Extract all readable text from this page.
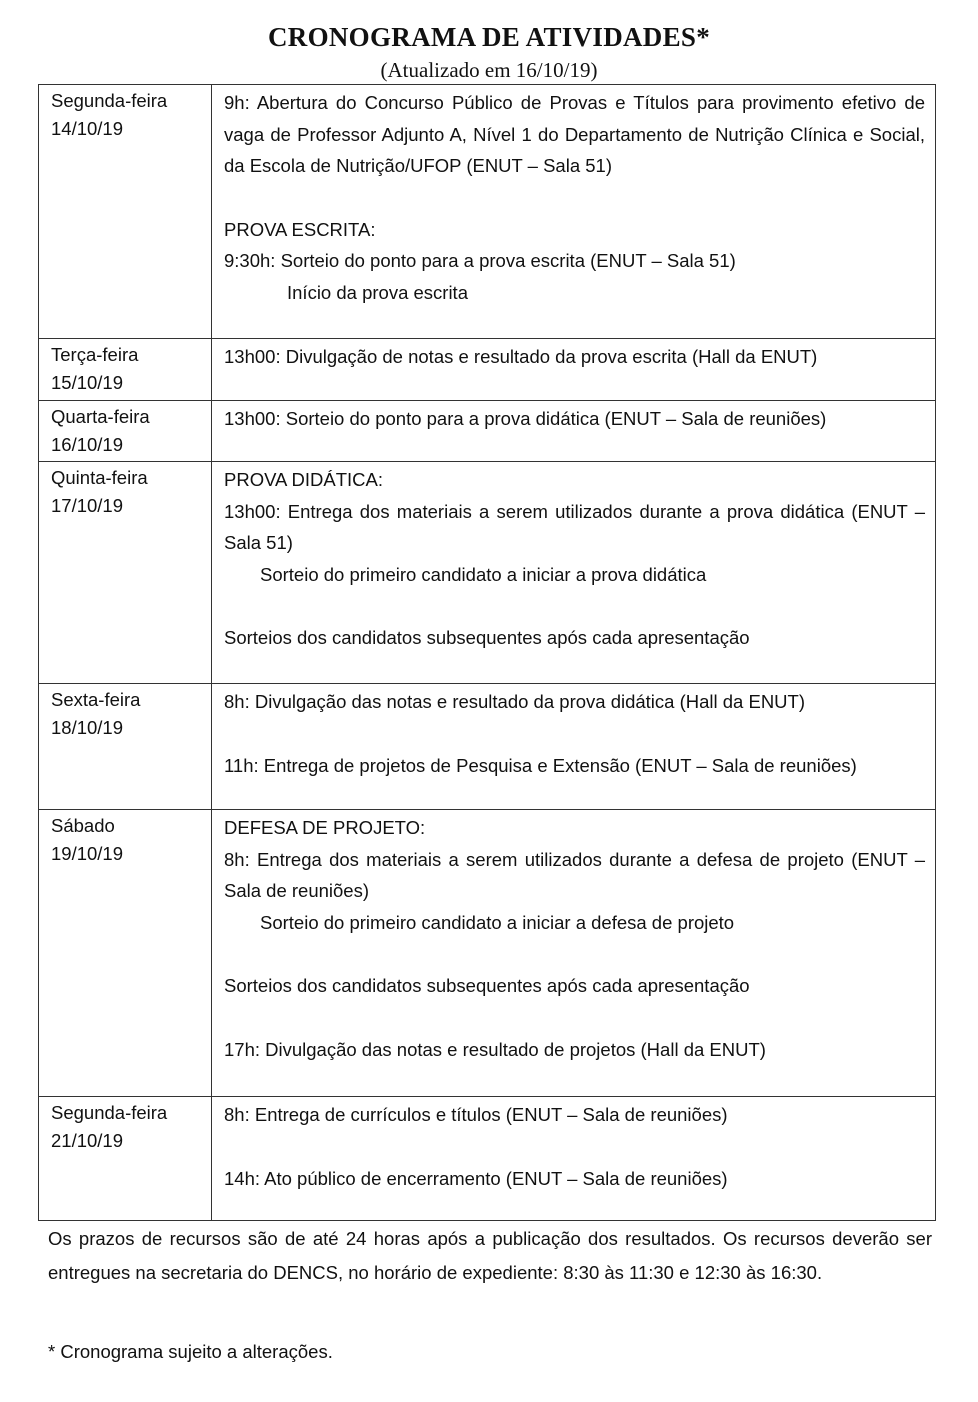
CRONOGRAMA DE ATIVIDADES*
(Atualizado em 16/10/19)
Segunda-feira
14/10/19	9h: Abertura do Concurso Público de Provas e Títulos para provimento efetivo de vaga de Professor Adjunto A, Nível 1 do Departamento de Nutrição Clínica e Social, da Escola de Nutrição/UFOP (ENUT – Sala 51)
PROVA ESCRITA:
9:30h: Sorteio do ponto para a prova escrita (ENUT – Sala 51)
Início da prova escrita

Terça-feira
15/10/19	13h00: Divulgação de notas e resultado da prova escrita (Hall da ENUT)

Quarta-feira
16/10/19	13h00: Sorteio do ponto para a prova didática (ENUT – Sala de reuniões)

Quinta-feira
17/10/19	PROVA DIDÁTICA:
13h00: Entrega dos materiais a serem utilizados durante a prova didática (ENUT – Sala 51)
Sorteio do primeiro candidato a iniciar a prova didática
Sorteios dos candidatos subsequentes após cada apresentação

Sexta-feira
18/10/19	8h: Divulgação das notas e resultado da prova didática (Hall da ENUT)
11h: Entrega de projetos de Pesquisa e Extensão (ENUT – Sala de reuniões)

Sábado
19/10/19	DEFESA DE PROJETO:
8h: Entrega dos materiais a serem utilizados durante a defesa de projeto (ENUT – Sala de reuniões)
Sorteio do primeiro candidato a iniciar a defesa de projeto
Sorteios dos candidatos subsequentes após cada apresentação
17h: Divulgação das notas e resultado de projetos (Hall da ENUT)

Segunda-feira
21/10/19	8h: Entrega de currículos e títulos (ENUT – Sala de reuniões)
14h: Ato público de encerramento (ENUT – Sala de reuniões)
Os prazos de recursos são de até 24 horas após a publicação dos resultados. Os recursos deverão ser entregues na secretaria do DENCS, no horário de expediente: 8:30 às 11:30 e 12:30 às 16:30.
* Cronograma sujeito a alterações.
